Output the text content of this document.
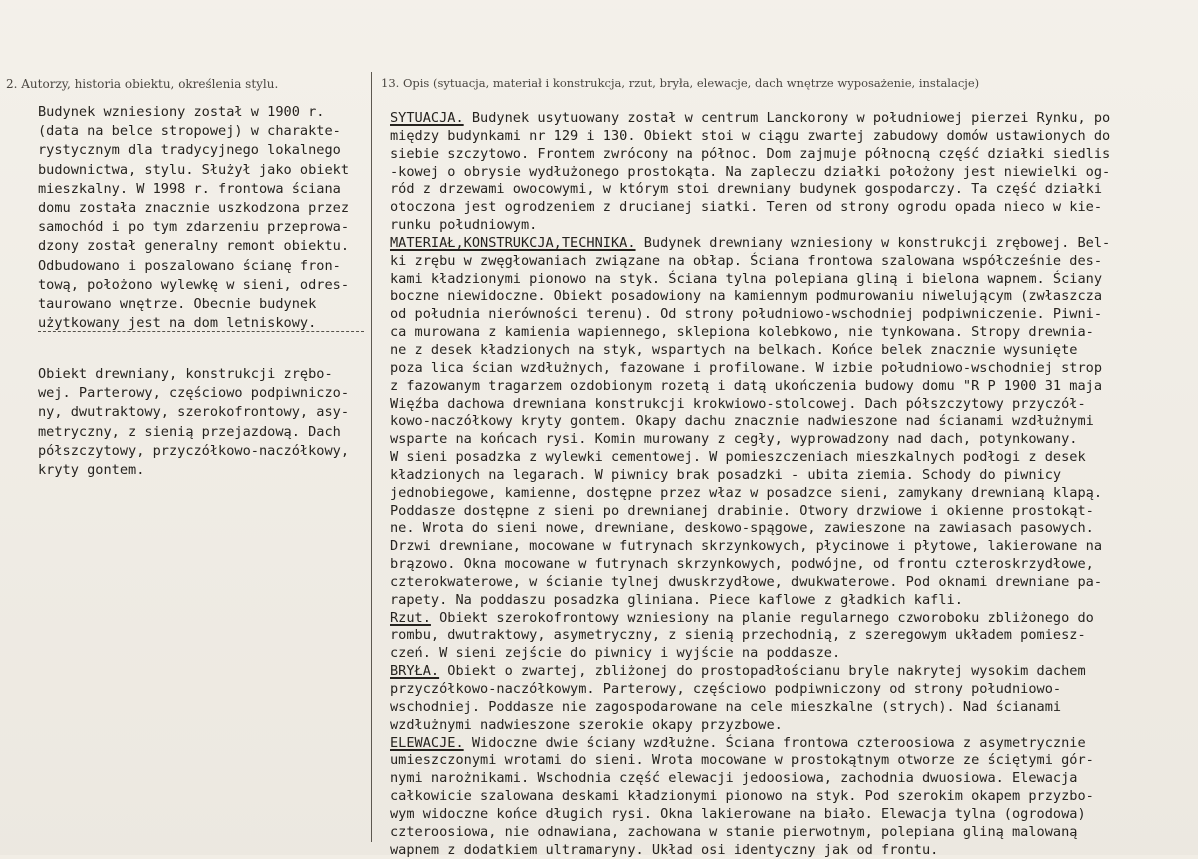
2. Autorzy, historia obiektu, określenia stylu.	13. Opis (sytuacja, materiał i konstrukcja, rzut, bryła, elewacje, dach wnętrze wyposażenie, instalacje)
Budynek wzniesiony został w 1900 r.
(data na belce stropowej) w charakte-
rystycznym dla tradycyjnego lokalnego
budownictwa, stylu. Służył jako obiekt
mieszkalny. W 1998 r. frontowa ściana
domu została znacznie uszkodzona przez
samochód i po tym zdarzeniu przeprowa-
dzony został generalny remont obiektu.
Odbudowano i poszalowano ścianę fron-
tową, położono wylewkę w sieni, odres-
taurowano wnętrze. Obecnie budynek
użytkowany jest na dom letniskowy.
Obiekt drewniany, konstrukcji zrębo-
wej. Parterowy, częściowo podpiwniczo-
ny, dwutraktowy, szerokofrontowy, asy-
metryczny, z sienią przejazdową. Dach
półszczytowy, przyczółkowo-naczółkowy,
kryty gontem.
SYTUACJA. Budynek usytuowany został w centrum Lanckorony w południowej pierzei Rynku, po
między budynkami nr 129 i 130. Obiekt stoi w ciągu zwartej zabudowy domów ustawionych do
siebie szczytowo. Frontem zwrócony na północ. Dom zajmuje północną część działki siedlis
-kowej o obrysie wydłużonego prostokąta. Na zapleczu działki położony jest niewielki og-
ród z drzewami owocowymi, w którym stoi drewniany budynek gospodarczy. Ta część działki
otoczona jest ogrodzeniem z drucianej siatki. Teren od strony ogrodu opada nieco w kie-
runku południowym.
MATERIAŁ,KONSTRUKCJA,TECHNIKA. Budynek drewniany wzniesiony w konstrukcji zrębowej. Bel-
ki zrębu w zwęgłowaniach związane na obłap. Ściana frontowa szalowana współcześnie des-
kami kładzionymi pionowo na styk. Ściana tylna polepiana gliną i bielona wapnem. Ściany
boczne niewidoczne. Obiekt posadowiony na kamiennym podmurowaniu niwelującym (zwłaszcza
od południa nierówności terenu). Od strony południowo-wschodniej podpiwniczenie. Piwni-
ca murowana z kamienia wapiennego, sklepiona kolebkowo, nie tynkowana. Stropy drewnia-
ne z desek kładzionych na styk, wspartych na belkach. Końce belek znacznie wysunięte
poza lica ścian wzdłużnych, fazowane i profilowane. W izbie południowo-wschodniej strop
z fazowanym tragarzem ozdobionym rozetą i datą ukończenia budowy domu "R P 1900 31 maja
Więźba dachowa drewniana konstrukcji krokwiowo-stolcowej. Dach półszczytowy przyczół-
kowo-naczółkowy kryty gontem. Okapy dachu znacznie nadwieszone nad ścianami wzdłużnymi
wsparte na końcach rysi. Komin murowany z cegły, wyprowadzony nad dach, potynkowany.
W sieni posadzka z wylewki cementowej. W pomieszczeniach mieszkalnych podłogi z desek
kładzionych na legarach. W piwnicy brak posadzki - ubita ziemia. Schody do piwnicy
jednobiegowe, kamienne, dostępne przez właz w posadzce sieni, zamykany drewnianą klapą.
Poddasze dostępne z sieni po drewnianej drabinie. Otwory drzwiowe i okienne prostokąt-
ne. Wrota do sieni nowe, drewniane, deskowo-spągowe, zawieszone na zawiasach pasowych.
Drzwi drewniane, mocowane w futrynach skrzynkowych, płycinowe i płytowe, lakierowane na
brązowo. Okna mocowane w futrynach skrzynkowych, podwójne, od frontu czteroskrzydłowe,
czterokwaterowe, w ścianie tylnej dwuskrzydłowe, dwukwaterowe. Pod oknami drewniane pa-
rapety. Na poddaszu posadzka gliniana. Piece kaflowe z gładkich kafli.
Rzut. Obiekt szerokofrontowy wzniesiony na planie regularnego czworoboku zbliżonego do
rombu, dwutraktowy, asymetryczny, z sienią przechodnią, z szeregowym układem pomiesz-
czeń. W sieni zejście do piwnicy i wyjście na poddasze.
BRYŁA. Obiekt o zwartej, zbliżonej do prostopadłościanu bryle nakrytej wysokim dachem
przyczółkowo-naczółkowym. Parterowy, częściowo podpiwniczony od strony południowo-
wschodniej. Poddasze nie zagospodarowane na cele mieszkalne (strych). Nad ścianami
wzdłużnymi nadwieszone szerokie okapy przyzbowe.
ELEWACJE. Widoczne dwie ściany wzdłużne. Ściana frontowa czteroosiowa z asymetrycznie
umieszczonymi wrotami do sieni. Wrota mocowane w prostokątnym otworze ze ściętymi gór-
nymi narożnikami. Wschodnia część elewacji jedoosiowa, zachodnia dwuosiowa. Elewacja
całkowicie szalowana deskami kładzionymi pionowo na styk. Pod szerokim okapem przyzbo-
wym widoczne końce długich rysi. Okna lakierowane na biało. Elewacja tylna (ogrodowa)
czteroosiowa, nie odnawiana, zachowana w stanie pierwotnym, polepiana gliną malowaną
wapnem z dodatkiem ultramaryny. Układ osi identyczny jak od frontu.
